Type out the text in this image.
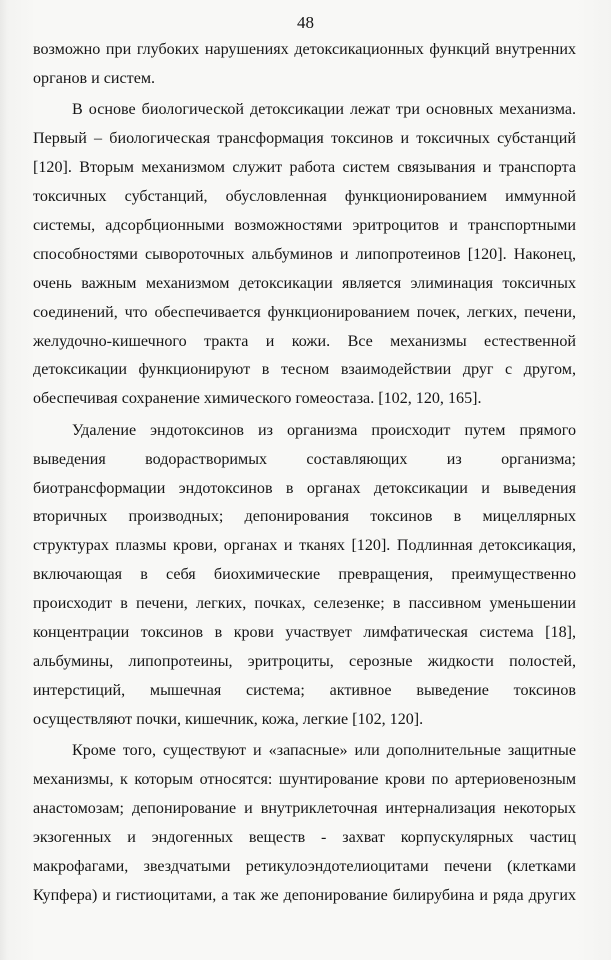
48
возможно при глубоких нарушениях детоксикационных функций внутренних
органов и систем.
В основе биологической детоксикации лежат три основных механизма.
Первый – биологическая трансформация токсинов и токсичных субстанций
[120]. Вторым механизмом служит работа систем связывания и транспорта
токсичных субстанций, обусловленная функционированием иммунной
системы, адсорбционными возможностями эритроцитов и транспортными
способностями сывороточных альбуминов и липопротеинов [120]. Наконец,
очень важным механизмом детоксикации является элиминация токсичных
соединений, что обеспечивается функционированием почек, легких, печени,
желудочно-кишечного тракта и кожи. Все механизмы естественной
детоксикации функционируют в тесном взаимодействии друг с другом,
обеспечивая сохранение химического гомеостаза. [102, 120, 165].
Удаление эндотоксинов из организма происходит путем прямого
выведения водорастворимых составляющих из организма;
биотрансформации эндотоксинов в органах детоксикации и выведения
вторичных производных; депонирования токсинов в мицеллярных
структурах плазмы крови, органах и тканях [120]. Подлинная детоксикация,
включающая в себя биохимические превращения, преимущественно
происходит в печени, легких, почках, селезенке; в пассивном уменьшении
концентрации токсинов в крови участвует лимфатическая система [18],
альбумины, липопротеины, эритроциты, серозные жидкости полостей,
интерстиций, мышечная система; активное выведение токсинов
осуществляют почки, кишечник, кожа, легкие [102, 120].
Кроме того, существуют и «запасные» или дополнительные защитные
механизмы, к которым относятся: шунтирование крови по артериовенозным
анастомозам; депонирование и внутриклеточная интернализация некоторых
экзогенных и эндогенных веществ - захват корпускулярных частиц
макрофагами, звездчатыми ретикулоэндотелиоцитами печени (клетками
Купфера) и гистиоцитами, а так же депонирование билирубина и ряда других
